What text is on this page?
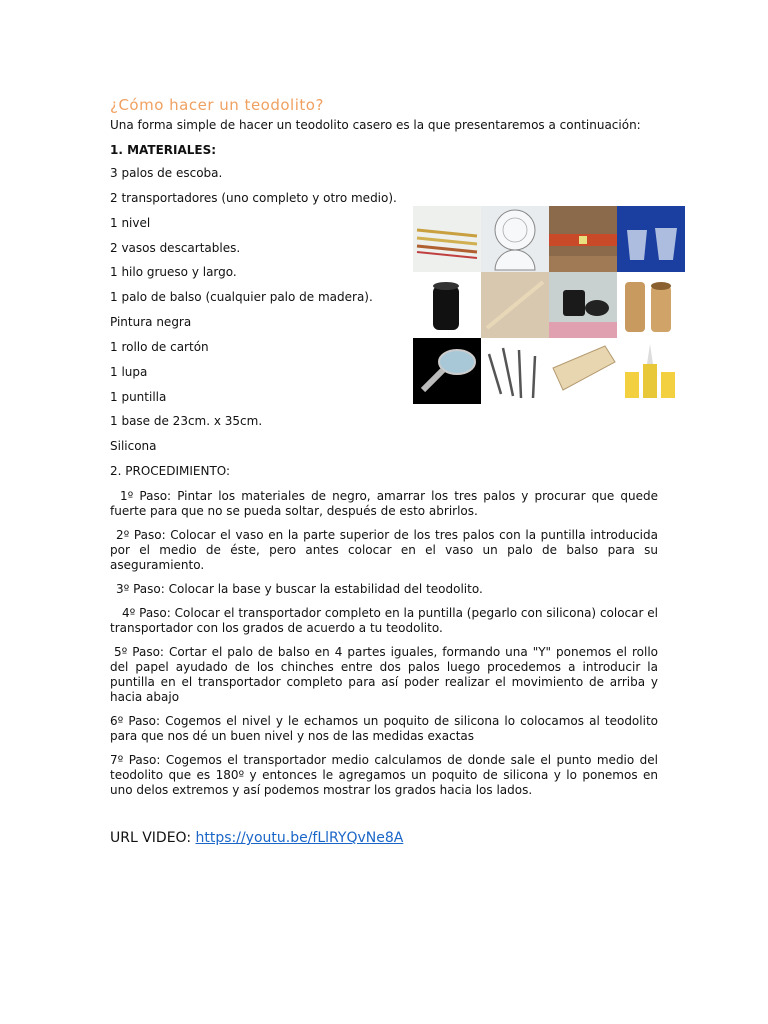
¿Cómo hacer un teodolito?
Una forma simple de hacer un teodolito casero es la que presentaremos a continuación:
1. MATERIALES:
3 palos de escoba.
2 transportadores (uno completo y otro medio).
1 nivel
2 vasos descartables.
1 hilo grueso y largo.
1 palo de balso (cualquier palo de madera).
Pintura negra
1 rollo de cartón
1 lupa
1 puntilla
1 base de 23cm. x 35cm.
Silicona
2. PROCEDIMIENTO:
1º Paso: Pintar los materiales de negro, amarrar los tres palos y procurar que quede fuerte para que no se pueda soltar, después de esto abrirlos.
2º Paso: Colocar el vaso en la parte superior de los tres palos con la puntilla introducida por el medio de éste, pero antes colocar en el vaso un palo de balso para su aseguramiento.
3º Paso: Colocar la base y buscar la estabilidad del teodolito.
4º Paso: Colocar el transportador completo en la puntilla (pegarlo con silicona) colocar el transportador con los grados de acuerdo a tu teodolito.
5º Paso: Cortar el palo de balso en 4 partes iguales, formando una "Y" ponemos el rollo del papel ayudado de los chinches entre dos palos luego procedemos a introducir la puntilla en el transportador completo para así poder realizar el movimiento de arriba y hacia abajo
6º Paso: Cogemos el nivel y le echamos un poquito de silicona lo colocamos al teodolito para que nos dé un buen nivel y nos de las medidas exactas
7º Paso: Cogemos el transportador medio calculamos de donde sale el punto medio del teodolito que es 180º y entonces le agregamos un poquito de silicona y lo ponemos en uno delos extremos y así podemos mostrar los grados hacia los lados.
URL VIDEO: https://youtu.be/fLlRYQvNe8A
